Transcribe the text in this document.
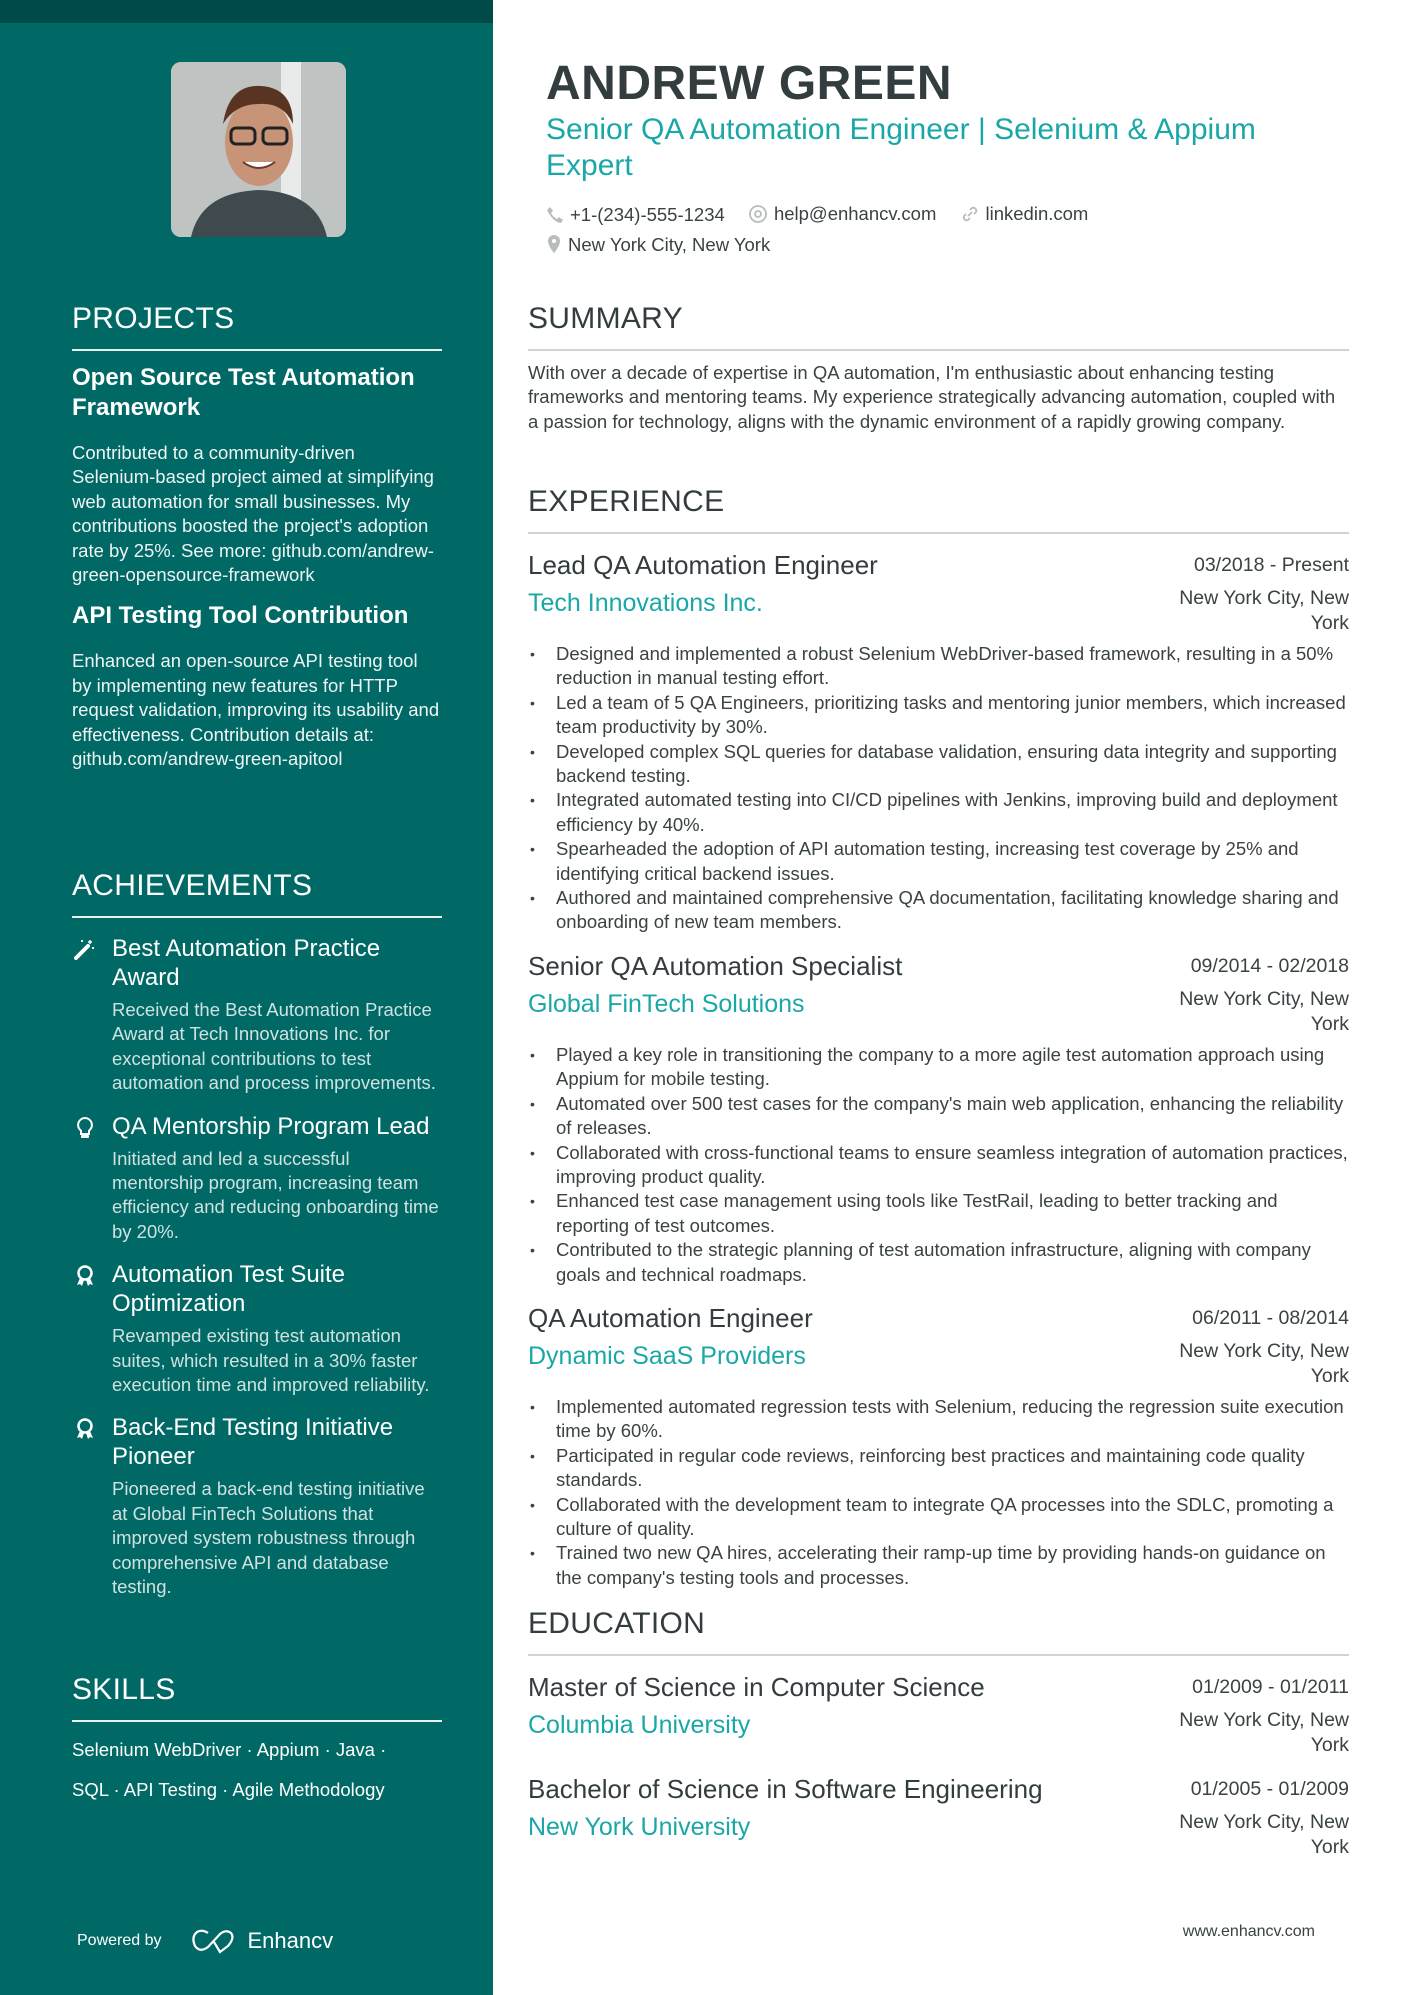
PROJECTS
Open Source Test Automation Framework
Contributed to a community-driven Selenium-based project aimed at simplifying web automation for small businesses. My contributions boosted the project's adoption rate by 25%. See more: github.com/andrew-green-opensource-framework
API Testing Tool Contribution
Enhanced an open-source API testing tool by implementing new features for HTTP request validation, improving its usability and effectiveness. Contribution details at: github.com/andrew-green-apitool
ACHIEVEMENTS
Best Automation Practice Award
Received the Best Automation Practice Award at Tech Innovations Inc. for exceptional contributions to test automation and process improvements.
QA Mentorship Program Lead
Initiated and led a successful mentorship program, increasing team efficiency and reducing onboarding time by 20%.
Automation Test Suite Optimization
Revamped existing test automation suites, which resulted in a 30% faster execution time and improved reliability.
Back-End Testing Initiative Pioneer
Pioneered a back-end testing initiative at Global FinTech Solutions that improved system robustness through comprehensive API and database testing.
SKILLS
Selenium WebDriver · Appium · Java ·
SQL · API Testing · Agile Methodology
Powered by	Enhancv
ANDREW GREEN
Senior QA Automation Engineer | Selenium & Appium Expert
+1-(234)-555-1234
	help@enhancv.com
	linkedin.com

New York City, New York
SUMMARY
With over a decade of expertise in QA automation, I'm enthusiastic about enhancing testing frameworks and mentoring teams. My experience strategically advancing automation, coupled with a passion for technology, aligns with the dynamic environment of a rapidly growing company.
EXPERIENCE
Lead QA Automation Engineer	03/2018 - Present
Tech Innovations Inc.	New York City, New York
• Designed and implemented a robust Selenium WebDriver-based framework, resulting in a 50% reduction in manual testing effort.
• Led a team of 5 QA Engineers, prioritizing tasks and mentoring junior members, which increased team productivity by 30%.
• Developed complex SQL queries for database validation, ensuring data integrity and supporting backend testing.
• Integrated automated testing into CI/CD pipelines with Jenkins, improving build and deployment efficiency by 40%.
• Spearheaded the adoption of API automation testing, increasing test coverage by 25% and identifying critical backend issues.
• Authored and maintained comprehensive QA documentation, facilitating knowledge sharing and onboarding of new team members.
Senior QA Automation Specialist	09/2014 - 02/2018
Global FinTech Solutions	New York City, New York
• Played a key role in transitioning the company to a more agile test automation approach using Appium for mobile testing.
• Automated over 500 test cases for the company's main web application, enhancing the reliability of releases.
• Collaborated with cross-functional teams to ensure seamless integration of automation practices, improving product quality.
• Enhanced test case management using tools like TestRail, leading to better tracking and reporting of test outcomes.
• Contributed to the strategic planning of test automation infrastructure, aligning with company goals and technical roadmaps.
QA Automation Engineer	06/2011 - 08/2014
Dynamic SaaS Providers	New York City, New York
• Implemented automated regression tests with Selenium, reducing the regression suite execution time by 60%.
• Participated in regular code reviews, reinforcing best practices and maintaining code quality standards.
• Collaborated with the development team to integrate QA processes into the SDLC, promoting a culture of quality.
• Trained two new QA hires, accelerating their ramp-up time by providing hands-on guidance on the company's testing tools and processes.
EDUCATION
Master of Science in Computer Science	01/2009 - 01/2011
Columbia University	New York City, New York
Bachelor of Science in Software Engineering	01/2005 - 01/2009
New York University	New York City, New York
www.enhancv.com
